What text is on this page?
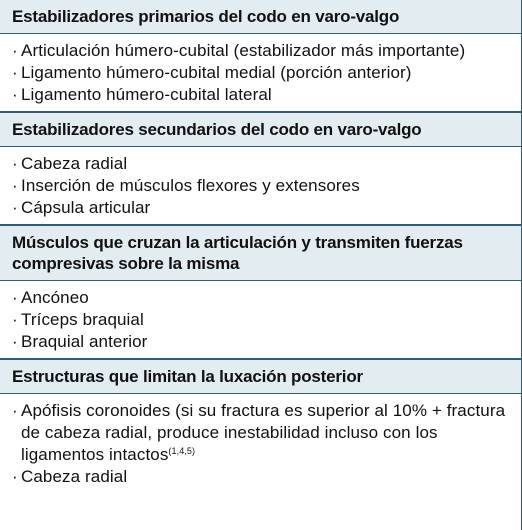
Estabilizadores primarios del codo en varo-valgo
· Articulación húmero-cubital (estabilizador más importante)
· Ligamento húmero-cubital medial (porción anterior)
· Ligamento húmero-cubital lateral
Estabilizadores secundarios del codo en varo-valgo
· Cabeza radial
· Inserción de músculos flexores y extensores
· Cápsula articular
Músculos que cruzan la articulación y transmiten fuerzas compresivas sobre la misma
· Ancóneo
· Tríceps braquial
· Braquial anterior
Estructuras que limitan la luxación posterior
· Apófisis coronoides (si su fractura es superior al 10% + fractura de cabeza radial, produce inestabilidad incluso con los ligamentos intactos$^{(1,4,5)}$
· Cabeza radial
